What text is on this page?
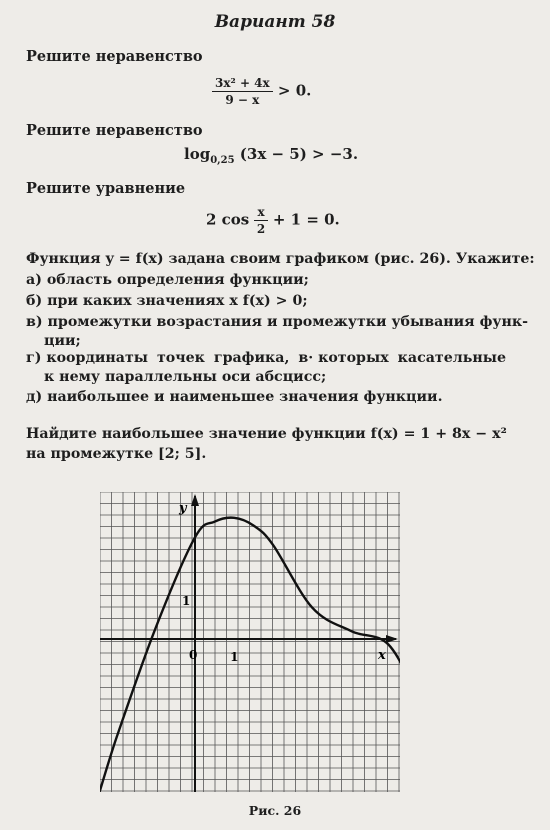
Вариант 58
Решите неравенство
$\frac{\text{3x² + 4x}}{9 - x} > 0$.
Решите неравенство
$\log_{0,25} (3x - 5) > -3$.
Решите уравнение
2 $\cos \frac{x}{2} + 1 = 0$.
Функция y = f(x) задана своим графиком (рис. 26). Укажите:
а) область определения функции;
б) при каких значениях x f(x) > 0;
в) промежутки возрастания и промежутки убывания функ-
ции;
г) координаты точек графика, в· которых касательные
к нему параллельны оси абсцисс;
д) наибольшее и наименьшее значения функции.
Найдите наибольшее значение функции f(x) = 1 + 8x − x²
на промежутке [2; 5].
y
x
0	1
1
Рис. 26
